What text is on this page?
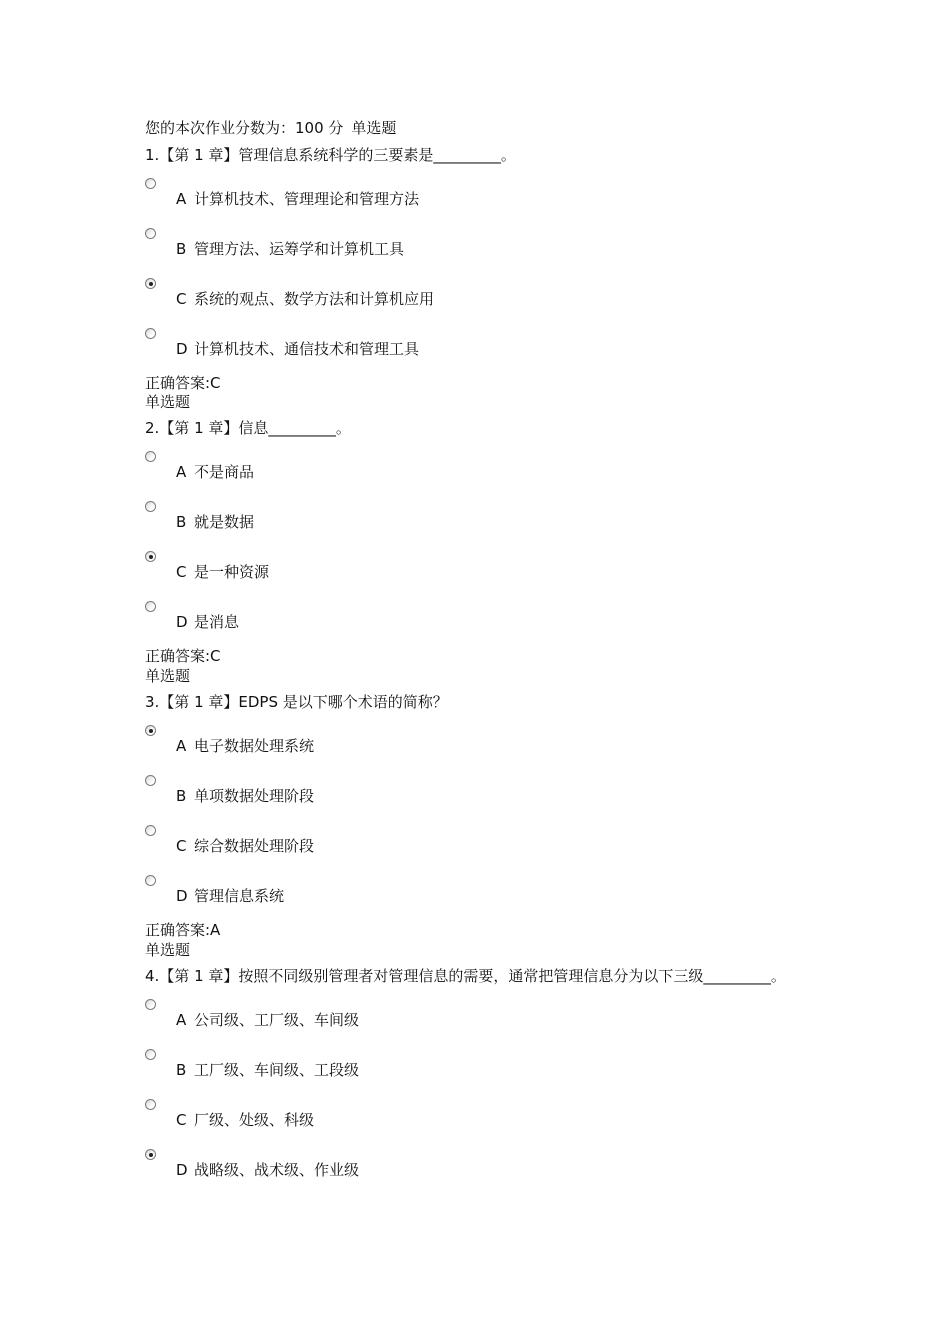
您的本次作业分数为：100 分 单选题
1.【第 1 章】管理信息系统科学的三要素是_________。
A 计算机技术、管理理论和管理方法
B 管理方法、运筹学和计算机工具
C 系统的观点、数学方法和计算机应用
D 计算机技术、通信技术和管理工具
正确答案:C
单选题
2.【第 1 章】信息_________。
A 不是商品
B 就是数据
C 是一种资源
D 是消息
正确答案:C
单选题
3.【第 1 章】EDPS 是以下哪个术语的简称？
A 电子数据处理系统
B 单项数据处理阶段
C 综合数据处理阶段
D 管理信息系统
正确答案:A
单选题
4.【第 1 章】按照不同级别管理者对管理信息的需要，通常把管理信息分为以下三级_________。
A 公司级、工厂级、车间级
B 工厂级、车间级、工段级
C 厂级、处级、科级
D 战略级、战术级、作业级
